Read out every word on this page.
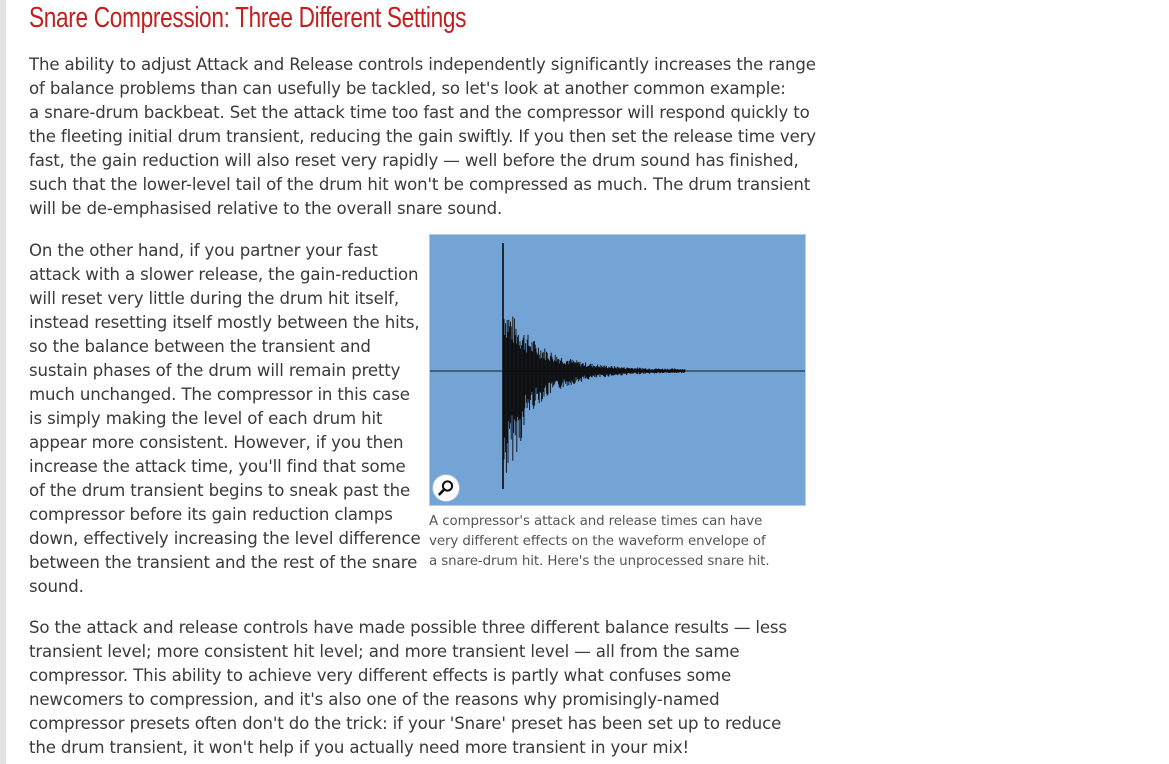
Snare Compression: Three Different Settings

The ability to adjust Attack and Release controls independently significantly increases the range
of balance problems than can usefully be tackled, so let's look at another common example:
a snare-drum backbeat. Set the attack time too fast and the compressor will respond quickly to
the fleeting initial drum transient, reducing the gain swiftly. If you then set the release time very
fast, the gain reduction will also reset very rapidly — well before the drum sound has finished,
such that the lower-level tail of the drum hit won't be compressed as much. The drum transient
will be de-emphasised relative to the overall snare sound.

On the other hand, if you partner your fast
attack with a slower release, the gain-reduction
will reset very little during the drum hit itself,
instead resetting itself mostly between the hits,
so the balance between the transient and
sustain phases of the drum will remain pretty
much unchanged. The compressor in this case
is simply making the level of each drum hit
appear more consistent. However, if you then
increase the attack time, you'll find that some
of the drum transient begins to sneak past the
compressor before its gain reduction clamps
down, effectively increasing the level difference
between the transient and the rest of the snare
sound.

A compressor's attack and release times can have
very different effects on the waveform envelope of
a snare-drum hit. Here's the unprocessed snare hit.

So the attack and release controls have made possible three different balance results — less
transient level; more consistent hit level; and more transient level — all from the same
compressor. This ability to achieve very different effects is partly what confuses some
newcomers to compression, and it's also one of the reasons why promisingly-named
compressor presets often don't do the trick: if your 'Snare' preset has been set up to reduce
the drum transient, it won't help if you actually need more transient in your mix!
